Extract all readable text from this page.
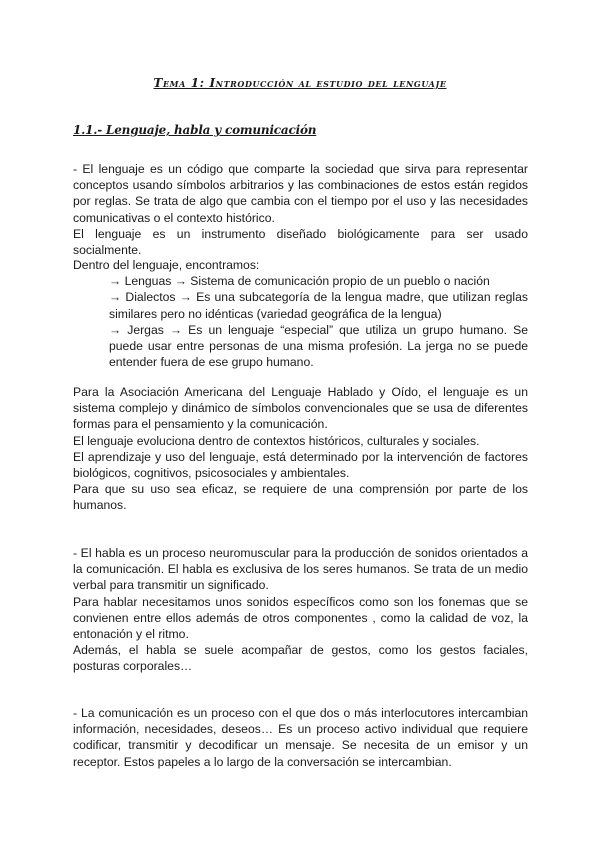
Tema 1: Introducción al estudio del lenguaje
1.1.- Lenguaje, habla y comunicación

- El lenguaje es un código que comparte la sociedad que sirva para representar conceptos usando símbolos arbitrarios y las combinaciones de estos están regidos por reglas. Se trata de algo que cambia con el tiempo por el uso y las necesidades comunicativas o el contexto histórico.

El lenguaje es un instrumento diseñado biológicamente para ser usado socialmente.

Dentro del lenguaje, encontramos:

→ Lenguas → Sistema de comunicación propio de un pueblo o nación

→ Dialectos → Es una subcategoría de la lengua madre, que utilizan reglas similares pero no idénticas (variedad geográfica de la lengua)

→ Jergas → Es un lenguaje “especial” que utiliza un grupo humano. Se puede usar entre personas de una misma profesión. La jerga no se puede entender fuera de ese grupo humano.

Para la Asociación Americana del Lenguaje Hablado y Oído, el lenguaje es un sistema complejo y dinámico de símbolos convencionales que se usa de diferentes formas para el pensamiento y la comunicación.

El lenguaje evoluciona dentro de contextos históricos, culturales y sociales.

El aprendizaje y uso del lenguaje, está determinado por la intervención de factores biológicos, cognitivos, psicosociales y ambientales.

Para que su uso sea eficaz, se requiere de una comprensión por parte de los humanos.

- El habla es un proceso neuromuscular para la producción de sonidos orientados a la comunicación. El habla es exclusiva de los seres humanos. Se trata de un medio verbal para transmitir un significado.

Para hablar necesitamos unos sonidos específicos como son los fonemas que se convienen entre ellos además de otros componentes , como la calidad de voz, la entonación y el ritmo.

Además, el habla se suele acompañar de gestos, como los gestos faciales, posturas corporales…

- La comunicación es un proceso con el que dos o más interlocutores intercambian información, necesidades, deseos… Es un proceso activo individual que requiere codificar, transmitir y decodificar un mensaje. Se necesita de un emisor y un receptor. Estos papeles a lo largo de la conversación se intercambian.
